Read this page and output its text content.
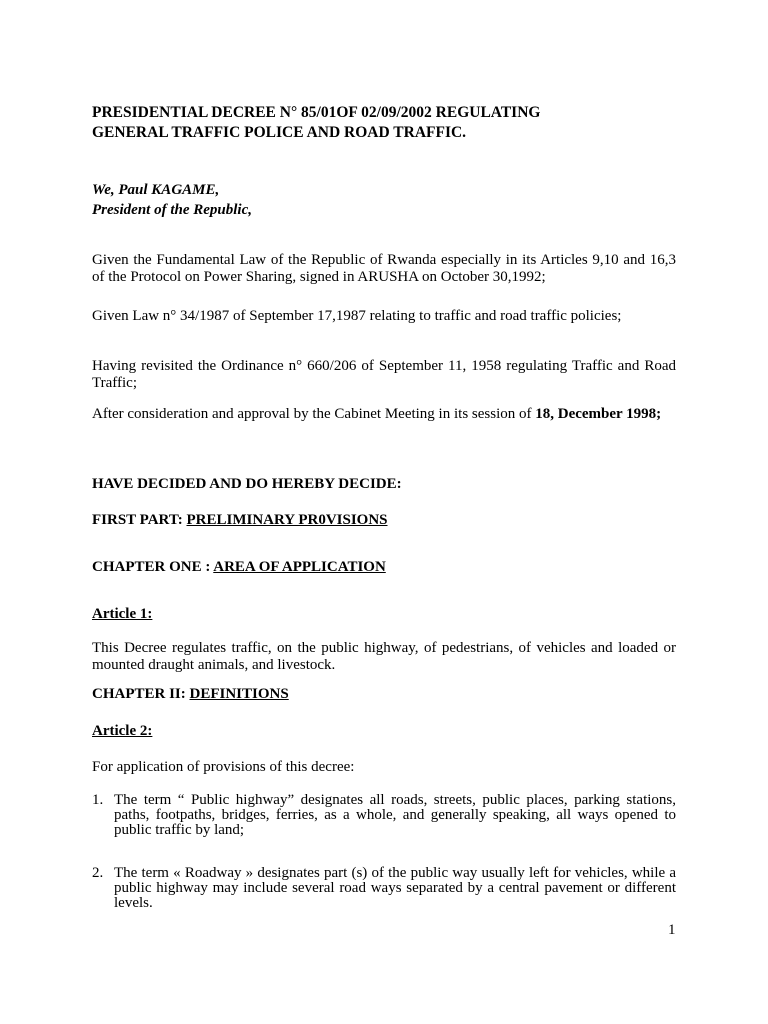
PRESIDENTIAL DECREE N° 85/01OF 02/09/2002 REGULATING
GENERAL TRAFFIC POLICE AND ROAD TRAFFIC.
We, Paul KAGAME,
President of the Republic,

Given the Fundamental Law of the Republic of Rwanda especially in its Articles 9,10 and 16,3 of the Protocol on Power Sharing, signed in ARUSHA on October 30,1992;

Given Law n° 34/1987 of September 17,1987 relating to traffic and road traffic policies;

Having revisited the Ordinance n° 660/206 of September 11, 1958 regulating Traffic and Road Traffic;

After consideration and approval by the Cabinet Meeting in its session of 18, December 1998;

HAVE DECIDED AND DO HEREBY DECIDE:

FIRST PART: PRELIMINARY PR0VISIONS

CHAPTER ONE : AREA OF APPLICATION

Article 1:

This Decree regulates traffic, on the public highway, of pedestrians, of vehicles and loaded or mounted draught animals, and livestock.

CHAPTER II: DEFINITIONS

Article 2:

For application of provisions of this decree:

1. The term “ Public highway” designates all roads, streets, public places, parking stations, paths, footpaths, bridges, ferries, as a whole, and generally speaking, all ways opened to public traffic by land;
2. The term « Roadway » designates part (s) of the public way usually left for vehicles, while a public highway may include several road ways separated by a central pavement or different levels.
1
